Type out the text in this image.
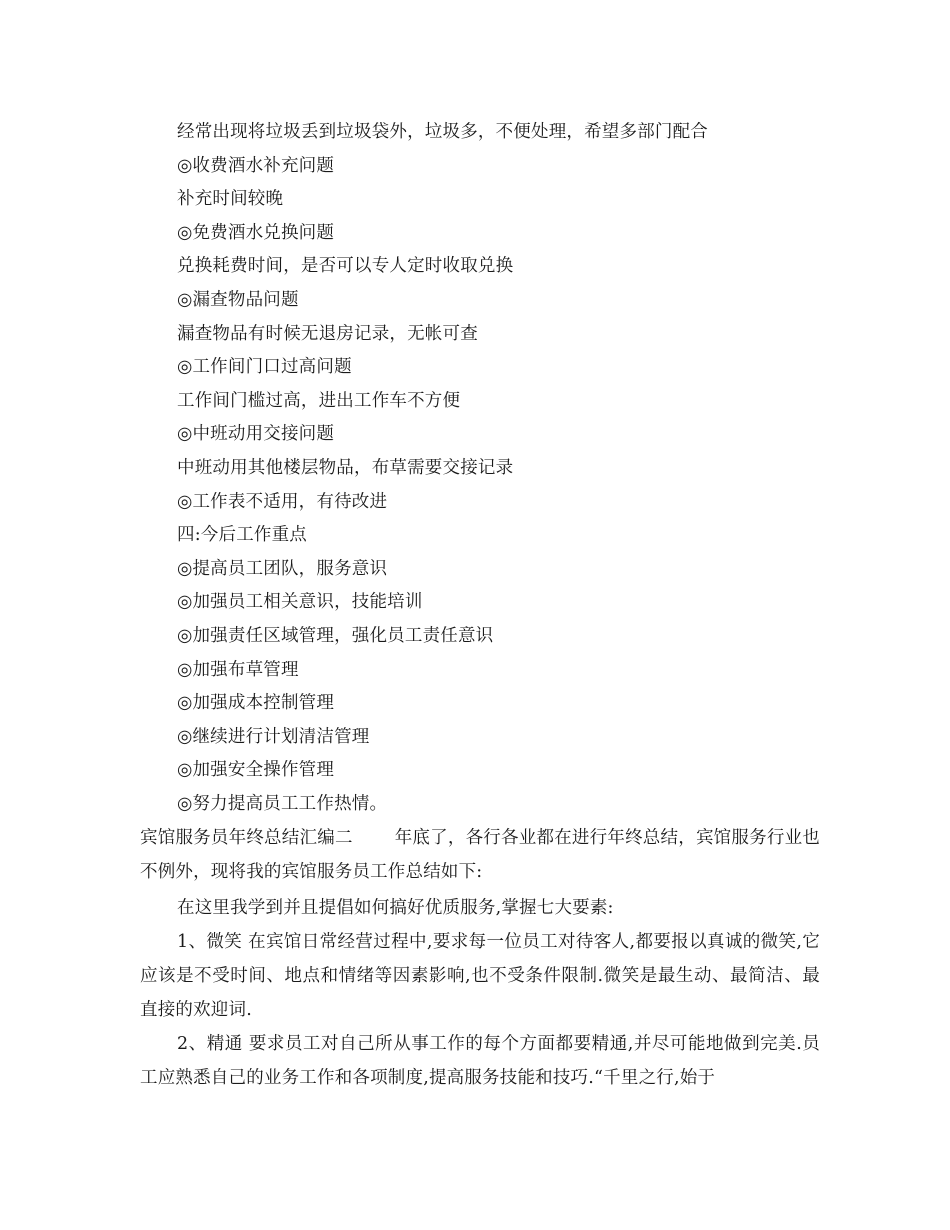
经常出现将垃圾丢到垃圾袋外，垃圾多，不便处理，希望多部门配合
◎收费酒水补充问题
补充时间较晚
◎免费酒水兑换问题
兑换耗费时间，是否可以专人定时收取兑换
◎漏查物品问题
漏查物品有时候无退房记录，无帐可查
◎工作间门口过高问题
工作间门槛过高，进出工作车不方便
◎中班动用交接问题
中班动用其他楼层物品，布草需要交接记录
◎工作表不适用，有待改进
四:今后工作重点
◎提高员工团队，服务意识
◎加强员工相关意识，技能培训
◎加强责任区域管理，强化员工责任意识
◎加强布草管理
◎加强成本控制管理
◎继续进行计划清洁管理
◎加强安全操作管理
◎努力提高员工工作热情。
宾馆服务员年终总结汇编二 年底了，各行各业都在进行年终总结，宾馆服务行业也不例外，现将我的宾馆服务员工作总结如下:
在这里我学到并且提倡如何搞好优质服务,掌握七大要素:
1、微笑 在宾馆日常经营过程中,要求每一位员工对待客人,都要报以真诚的微笑,它应该是不受时间、地点和情绪等因素影响,也不受条件限制.微笑是最生动、最简洁、最直接的欢迎词.
2、精通 要求员工对自己所从事工作的每个方面都要精通,并尽可能地做到完美.员工应熟悉自己的业务工作和各项制度,提高服务技能和技巧.“千里之行,始于
